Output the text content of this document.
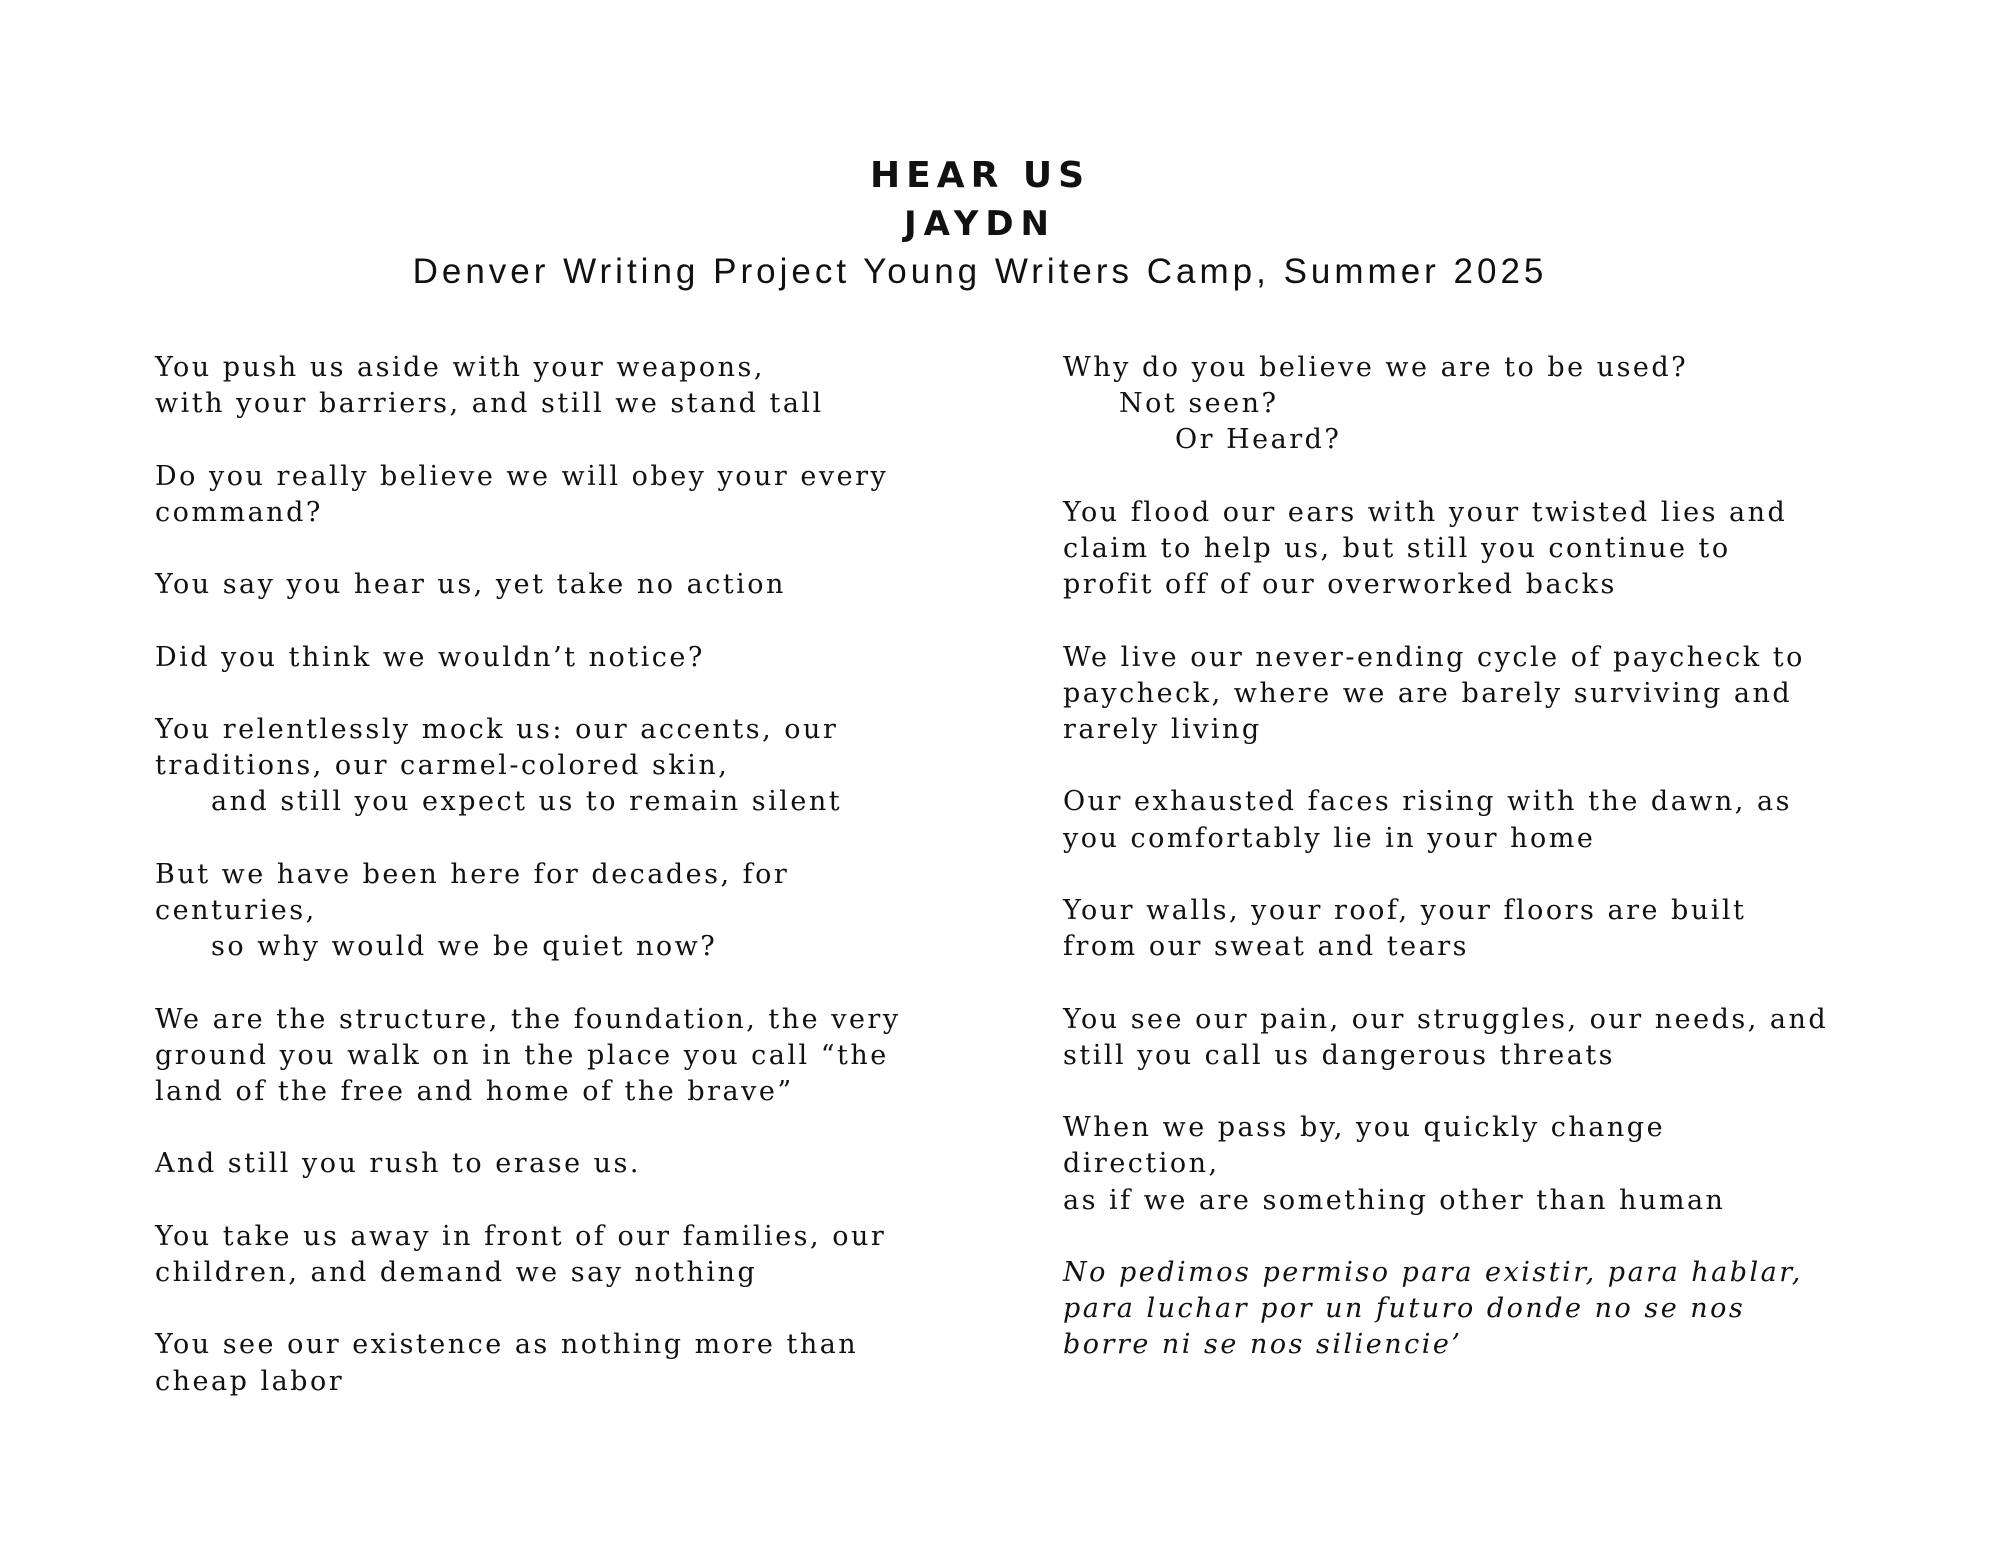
HEAR US
JAYDN
Denver Writing Project Young Writers Camp, Summer 2025
You push us aside with your weapons,
with your barriers, and still we stand tall
Do you really believe we will obey your every
command?
You say you hear us, yet take no action
Did you think we wouldn’t notice?
You relentlessly mock us: our accents, our
traditions, our carmel-colored skin,
and still you expect us to remain silent
But we have been here for decades, for
centuries,
so why would we be quiet now?
We are the structure, the foundation, the very
ground you walk on in the place you call “the
land of the free and home of the brave”
And still you rush to erase us.
You take us away in front of our families, our
children, and demand we say nothing
You see our existence as nothing more than
cheap labor
Why do you believe we are to be used?
Not seen?
Or Heard?
You flood our ears with your twisted lies and
claim to help us, but still you continue to
profit off of our overworked backs
We live our never-ending cycle of paycheck to
paycheck, where we are barely surviving and
rarely living
Our exhausted faces rising with the dawn, as
you comfortably lie in your home
Your walls, your roof, your floors are built
from our sweat and tears
You see our pain, our struggles, our needs, and
still you call us dangerous threats
When we pass by, you quickly change
direction,
as if we are something other than human
No pedimos permiso para existir, para hablar,
para luchar por un futuro donde no se nos
borre ni se nos siliencie’
